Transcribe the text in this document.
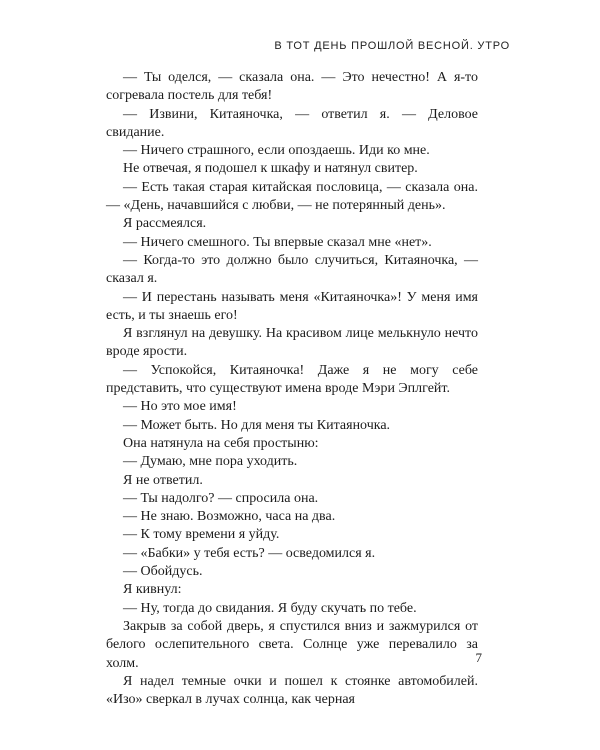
В ТОТ ДЕНЬ ПРОШЛОЙ ВЕСНОЙ. УТРО

— Ты оделся, — сказала она. — Это нечестно! А я-то согревала постель для тебя!

— Извини, Китаяночка, — ответил я. — Деловое свидание.

— Ничего страшного, если опоздаешь. Иди ко мне.

Не отвечая, я подошел к шкафу и натянул свитер.

— Есть такая старая китайская пословица, — сказала она. — «День, начавшийся с любви, — не потерянный день».

Я рассмеялся.

— Ничего смешного. Ты впервые сказал мне «нет».

— Когда-то это должно было случиться, Китаяночка, — сказал я.

— И перестань называть меня «Китаяночка»! У меня имя есть, и ты знаешь его!

Я взглянул на девушку. На красивом лице мелькнуло нечто вроде ярости.

— Успокойся, Китаяночка! Даже я не могу себе представить, что существуют имена вроде Мэри Эплгейт.

— Но это мое имя!

— Может быть. Но для меня ты Китаяночка.

Она натянула на себя простыню:

— Думаю, мне пора уходить.

Я не ответил.

— Ты надолго? — спросила она.

— Не знаю. Возможно, часа на два.

— К тому времени я уйду.

— «Бабки» у тебя есть? — осведомился я.

— Обойдусь.

Я кивнул:

— Ну, тогда до свидания. Я буду скучать по тебе.

Закрыв за собой дверь, я спустился вниз и зажмурился от белого ослепительного света. Солнце уже перевалило за холм.

Я надел темные очки и пошел к стоянке автомобилей. «Изо» сверкал в лучах солнца, как черная

7
